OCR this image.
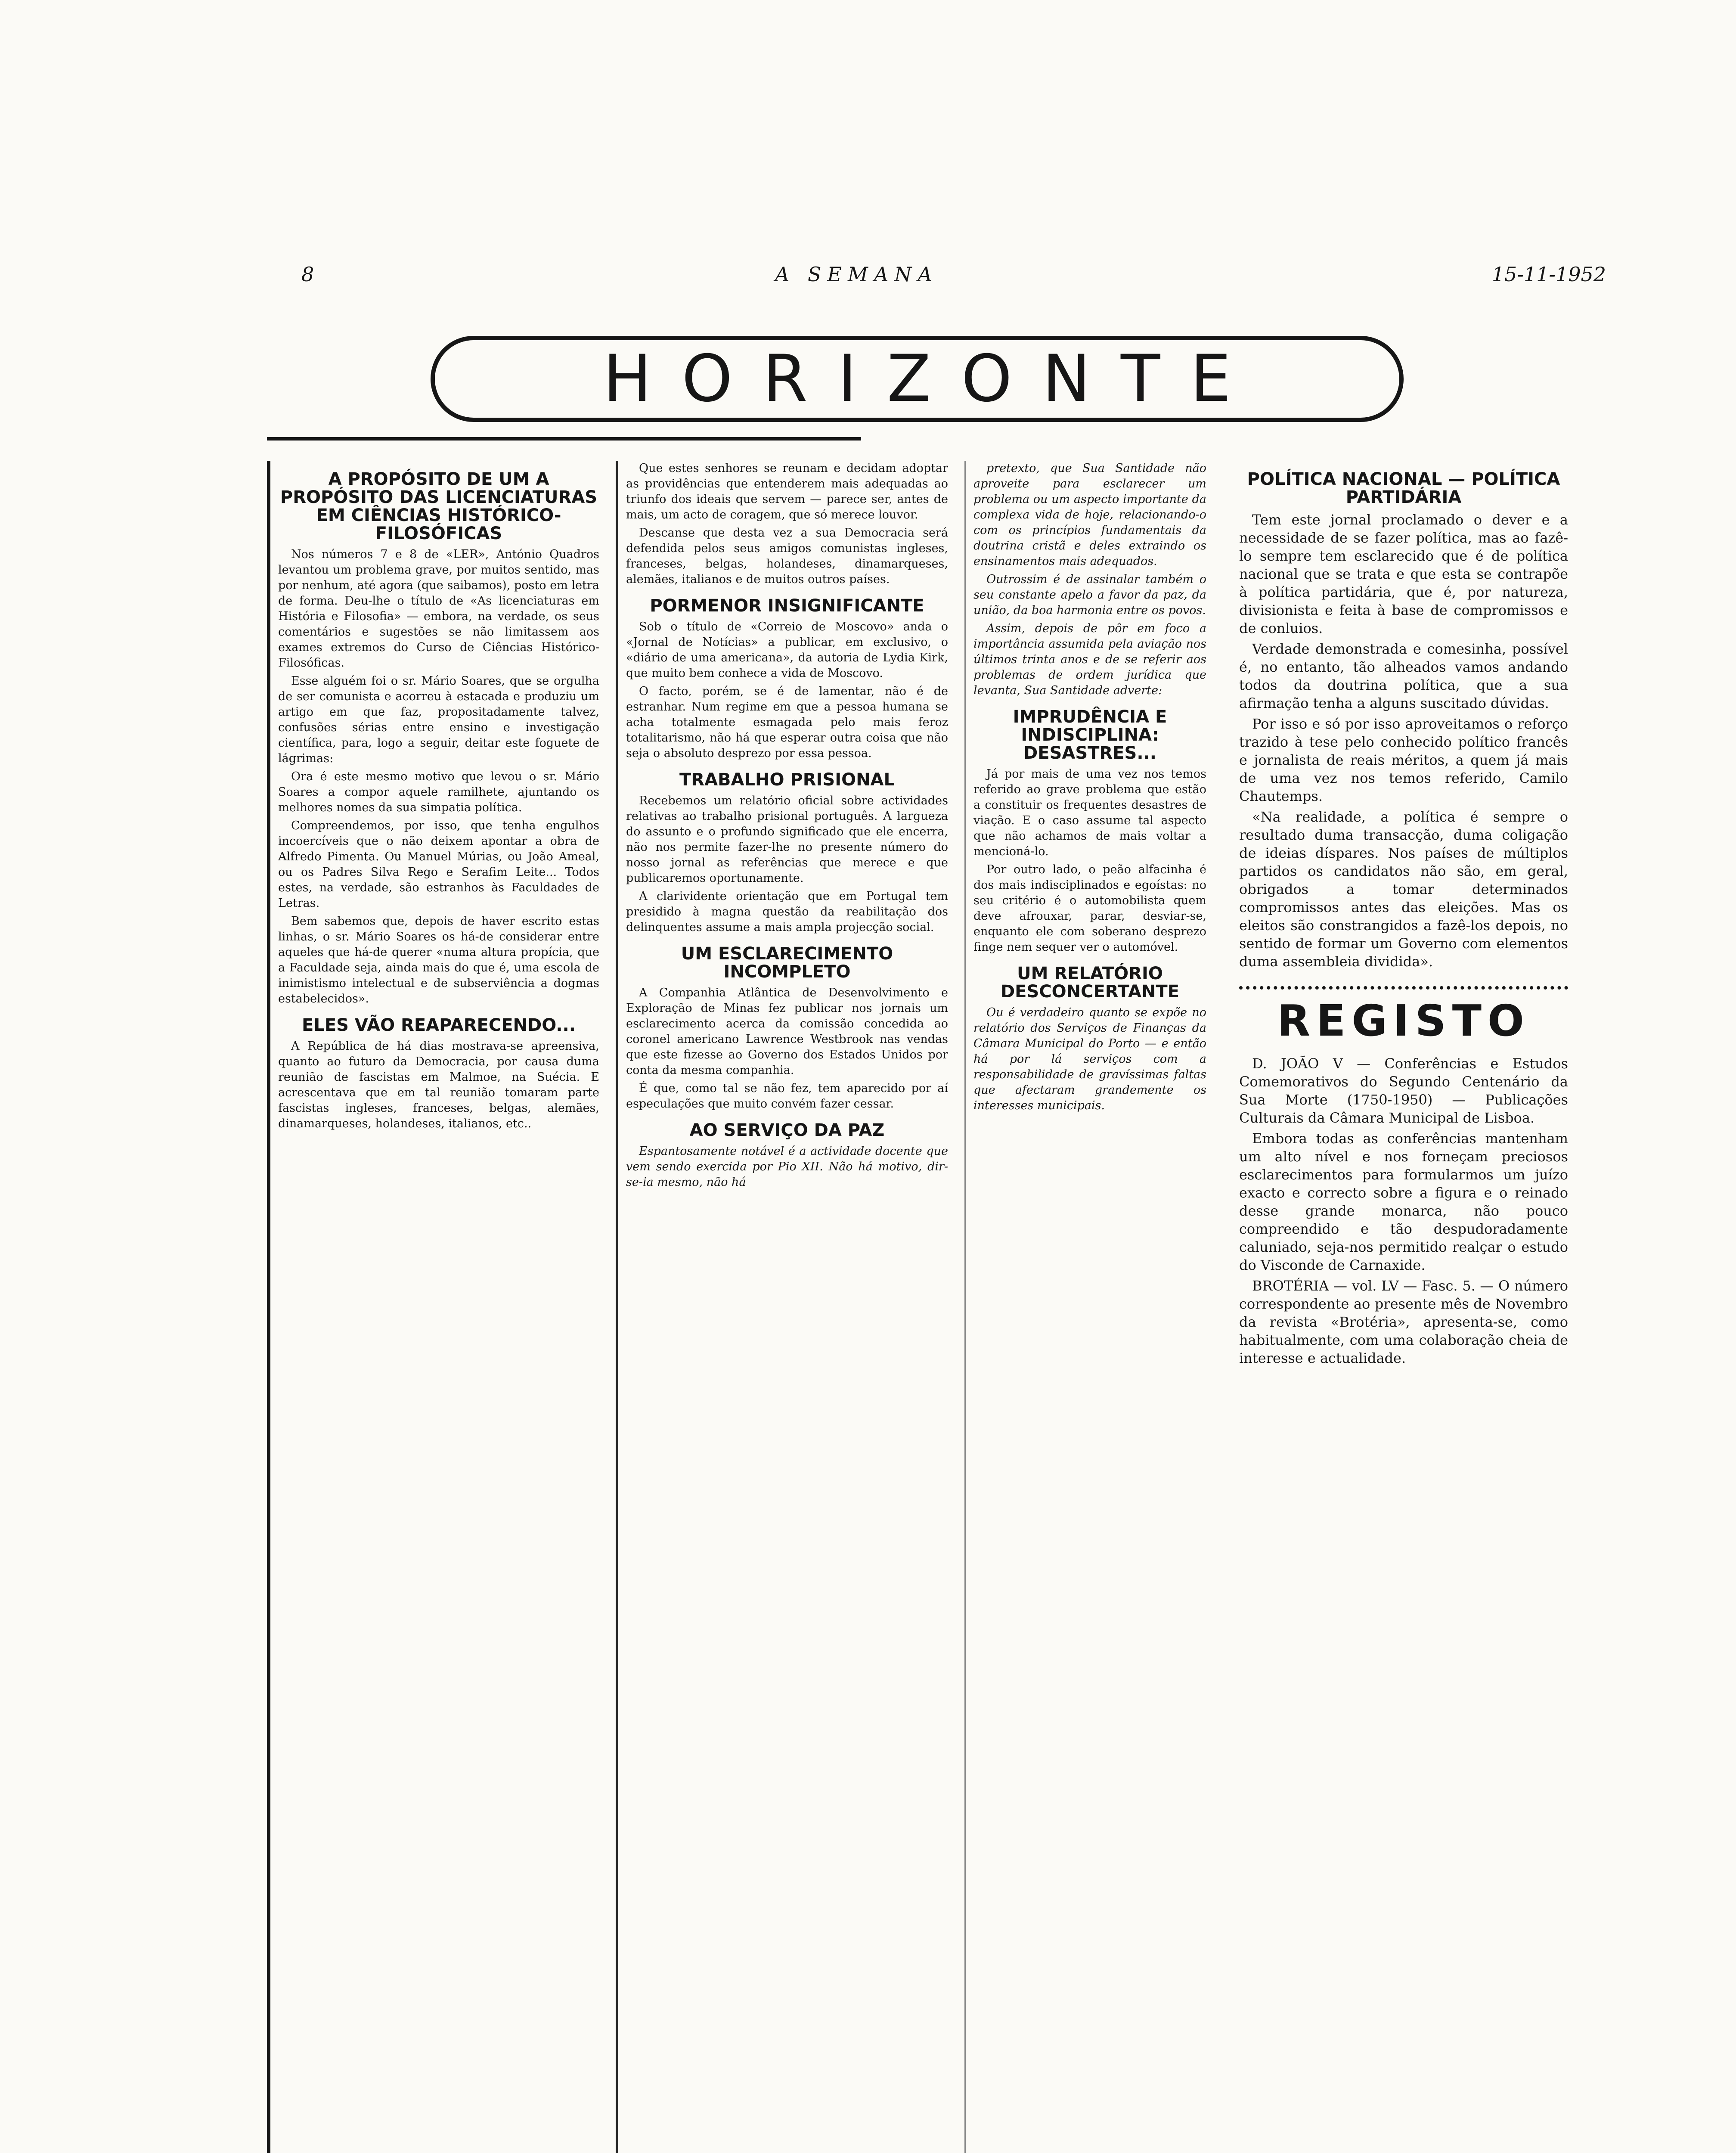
8	A SEMANA	15-11-1952
HORIZONTE
A PROPÓSITO DE UM A PROPÓSITO DAS LICENCIATURAS EM CIÊNCIAS HISTÓRICO-FILOSÓFICAS

Nos números 7 e 8 de «LER», António Quadros levantou um problema grave, por muitos sentido, mas por nenhum, até agora (que saibamos), posto em letra de forma. Deu-lhe o título de «As licenciaturas em História e Filosofia» — embora, na verdade, os seus comentários e sugestões se não limitassem aos exames extremos do Curso de Ciências Histórico-Filosóficas.

Esse alguém foi o sr. Mário Soares, que se orgulha de ser comunista e acorreu à estacada e produziu um artigo em que faz, propositadamente talvez, confusões sérias entre ensino e investigação científica, para, logo a seguir, deitar este foguete de lágrimas:

Ora é este mesmo motivo que levou o sr. Mário Soares a compor aquele ramilhete, ajuntando os melhores nomes da sua simpatia política.

Compreendemos, por isso, que tenha engulhos incoercíveis que o não deixem apontar a obra de Alfredo Pimenta. Ou Manuel Múrias, ou João Ameal, ou os Padres Silva Rego e Serafim Leite... Todos estes, na verdade, são estranhos às Faculdades de Letras.

Bem sabemos que, depois de haver escrito estas linhas, o sr. Mário Soares os há-de considerar entre aqueles que há-de querer «numa altura propícia, que a Faculdade seja, ainda mais do que é, uma escola de inimistismo intelectual e de subserviência a dogmas estabelecidos».

ELES VÃO REAPARECENDO...

A República de há dias mostrava-se apreensiva, quanto ao futuro da Democracia, por causa duma reunião de fascistas em Malmoe, na Suécia. E acrescentava que em tal reunião tomaram parte fascistas ingleses, franceses, belgas, alemães, dinamarqueses, holandeses, italianos, etc..

Que estes senhores se reunam e decidam adoptar as providências que entenderem mais adequadas ao triunfo dos ideais que servem — parece ser, antes de mais, um acto de coragem, que só merece louvor.

Descanse que desta vez a sua Democracia será defendida pelos seus amigos comunistas ingleses, franceses, belgas, holandeses, dinamarqueses, alemães, italianos e de muitos outros países.

PORMENOR INSIGNIFICANTE

Sob o título de «Correio de Moscovo» anda o «Jornal de Notícias» a publicar, em exclusivo, o «diário de uma americana», da autoria de Lydia Kirk, que muito bem conhece a vida de Moscovo.

O facto, porém, se é de lamentar, não é de estranhar. Num regime em que a pessoa humana se acha totalmente esmagada pelo mais feroz totalitarismo, não há que esperar outra coisa que não seja o absoluto desprezo por essa pessoa.

TRABALHO PRISIONAL

Recebemos um relatório oficial sobre actividades relativas ao trabalho prisional português. A largueza do assunto e o profundo significado que ele encerra, não nos permite fazer-lhe no presente número do nosso jornal as referências que merece e que publicaremos oportunamente.

A clarividente orientação que em Portugal tem presidido à magna questão da reabilitação dos delinquentes assume a mais ampla projecção social.

UM ESCLARECIMENTO INCOMPLETO

A Companhia Atlântica de Desenvolvimento e Exploração de Minas fez publicar nos jornais um esclarecimento acerca da comissão concedida ao coronel americano Lawrence Westbrook nas vendas que este fizesse ao Governo dos Estados Unidos por conta da mesma companhia.

É que, como tal se não fez, tem aparecido por aí especulações que muito convém fazer cessar.

AO SERVIÇO DA PAZ

Espantosamente notável é a actividade docente que vem sendo exercida por Pio XII. Não há motivo, dir-se-ia mesmo, não há

pretexto, que Sua Santidade não aproveite para esclarecer um problema ou um aspecto importante da complexa vida de hoje, relacionando-o com os princípios fundamentais da doutrina cristã e deles extraindo os ensinamentos mais adequados.

Outrossim é de assinalar também o seu constante apelo a favor da paz, da união, da boa harmonia entre os povos.

Assim, depois de pôr em foco a importância assumida pela aviação nos últimos trinta anos e de se referir aos problemas de ordem jurídica que levanta, Sua Santidade adverte:

IMPRUDÊNCIA E INDISCIPLINA: DESASTRES...

Já por mais de uma vez nos temos referido ao grave problema que estão a constituir os frequentes desastres de viação. E o caso assume tal aspecto que não achamos de mais voltar a mencioná-lo.

Por outro lado, o peão alfacinha é dos mais indisciplinados e egoístas: no seu critério é o automobilista quem deve afrouxar, parar, desviar-se, enquanto ele com soberano desprezo finge nem sequer ver o automóvel.

UM RELATÓRIO DESCONCERTANTE

Ou é verdadeiro quanto se expõe no relatório dos Serviços de Finanças da Câmara Municipal do Porto — e então há por lá serviços com a responsabilidade de gravíssimas faltas que afectaram grandemente os interesses municipais.

POLÍTICA NACIONAL — POLÍTICA PARTIDÁRIA

Tem este jornal proclamado o dever e a necessidade de se fazer política, mas ao fazê-lo sempre tem esclarecido que é de política nacional que se trata e que esta se contrapõe à política partidária, que é, por natureza, divisionista e feita à base de compromissos e de conluios.

Verdade demonstrada e comesinha, possível é, no entanto, tão alheados vamos andando todos da doutrina política, que a sua afirmação tenha a alguns suscitado dúvidas.

Por isso e só por isso aproveitamos o reforço trazido à tese pelo conhecido político francês e jornalista de reais méritos, a quem já mais de uma vez nos temos referido, Camilo Chautemps.

«Na realidade, a política é sempre o resultado duma transacção, duma coligação de ideias díspares. Nos países de múltiplos partidos os candidatos não são, em geral, obrigados a tomar determinados compromissos antes das eleições. Mas os eleitos são constrangidos a fazê-los depois, no sentido de formar um Governo com elementos duma assembleia dividida».

REGISTO

D. JOÃO V — Conferências e Estudos Comemorativos do Segundo Centenário da Sua Morte (1750-1950) — Publicações Culturais da Câmara Municipal de Lisboa.

Embora todas as conferências mantenham um alto nível e nos forneçam preciosos esclarecimentos para formularmos um juízo exacto e correcto sobre a figura e o reinado desse grande monarca, não pouco compreendido e tão despudoradamente caluniado, seja-nos permitido realçar o estudo do Visconde de Carnaxide.

BROTÉRIA — vol. LV — Fasc. 5. — O número correspondente ao presente mês de Novembro da revista «Brotéria», apresenta-se, como habitualmente, com uma colaboração cheia de interesse e actualidade.
